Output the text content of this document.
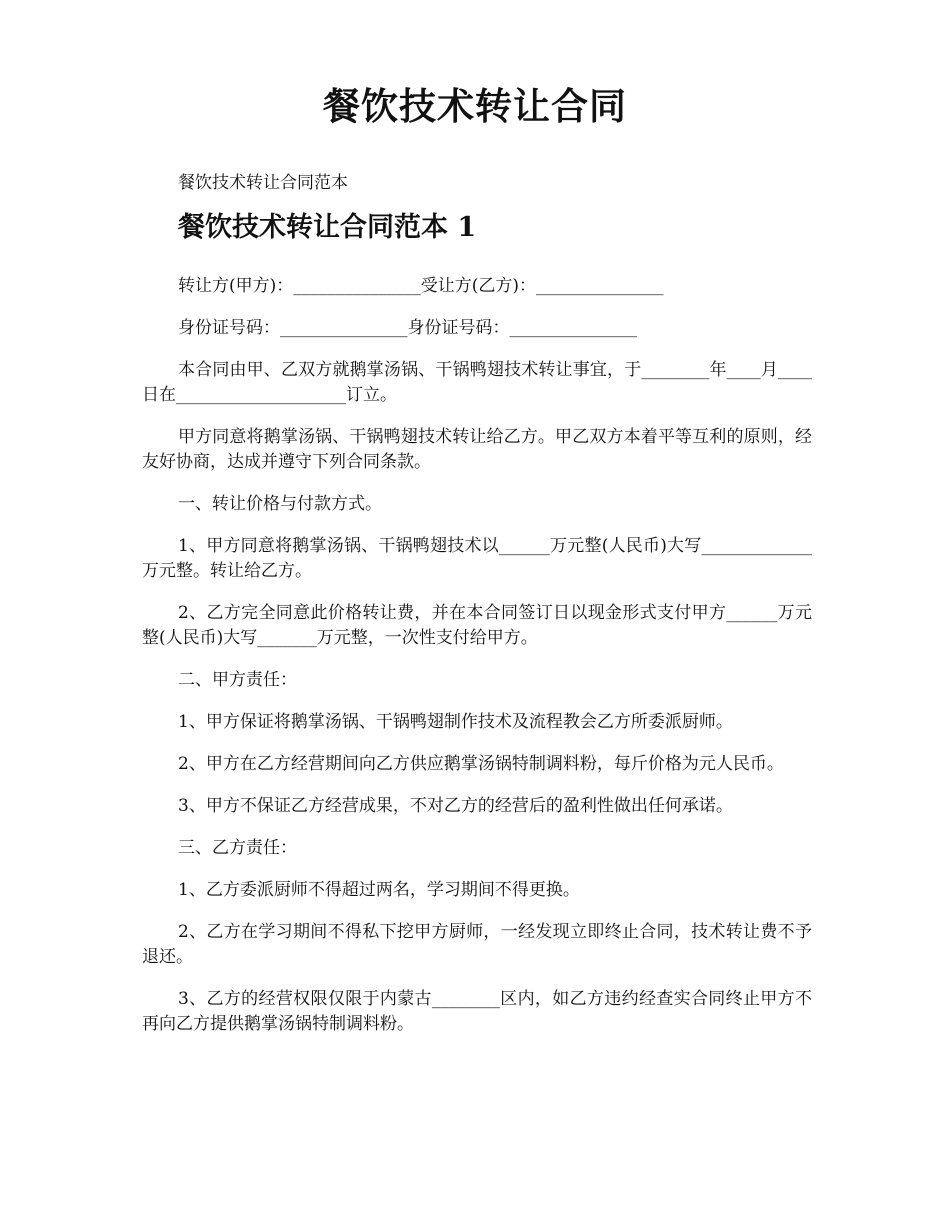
餐饮技术转让合同
餐饮技术转让合同范本
餐饮技术转让合同范本 1

转让方(甲方)：_______________受让方(乙方)：_______________

身份证号码：_______________身份证号码：_______________

本合同由甲、乙双方就鹅掌汤锅、干锅鸭翅技术转让事宜，于________年____月____日在____________________订立。

甲方同意将鹅掌汤锅、干锅鸭翅技术转让给乙方。甲乙双方本着平等互利的原则，经友好协商，达成并遵守下列合同条款。

一、转让价格与付款方式。

1、甲方同意将鹅掌汤锅、干锅鸭翅技术以______万元整(人民币)大写_____________万元整。转让给乙方。

2、乙方完全同意此价格转让费，并在本合同签订日以现金形式支付甲方______万元整(人民币)大写_______万元整，一次性支付给甲方。

二、甲方责任：

1、甲方保证将鹅掌汤锅、干锅鸭翅制作技术及流程教会乙方所委派厨师。

2、甲方在乙方经营期间向乙方供应鹅掌汤锅特制调料粉，每斤价格为元人民币。

3、甲方不保证乙方经营成果，不对乙方的经营后的盈利性做出任何承诺。

三、乙方责任：

1、乙方委派厨师不得超过两名，学习期间不得更换。

2、乙方在学习期间不得私下挖甲方厨师，一经发现立即终止合同，技术转让费不予退还。

3、乙方的经营权限仅限于内蒙古________区内，如乙方违约经查实合同终止甲方不再向乙方提供鹅掌汤锅特制调料粉。
